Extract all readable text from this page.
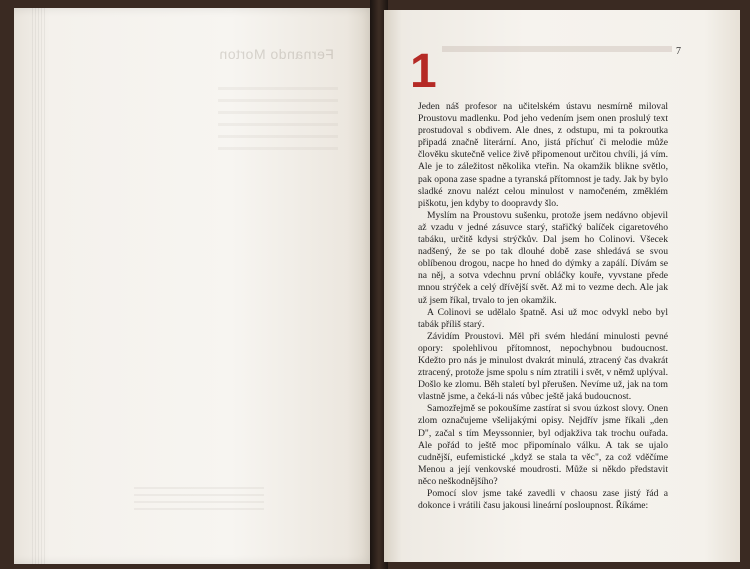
Fernando Morton	7
1

Jeden náš profesor na učitelském ústavu nesmírně miloval Proustovu madlenku. Pod jeho vedením jsem onen proslulý text prostudoval s obdivem. Ale dnes, z odstupu, mi ta pokroutka připadá značně literární. Ano, jistá příchuť či melodie může člověku skutečně velice živě připomenout určitou chvíli, já vím. Ale je to záležitost několika vteřin. Na okamžik blikne světlo, pak opona zase spadne a tyranská přítomnost je tady. Jak by bylo sladké znovu nalézt celou minulost v namočeném, změklém piškotu, jen kdyby to doopravdy šlo.

Myslím na Proustovu sušenku, protože jsem nedávno objevil až vzadu v jedné zásuvce starý, stařičký balíček cigaretového tabáku, určitě kdysi strýčkův. Dal jsem ho Colinovi. Všecek nadšený, že se po tak dlouhé době zase shledává se svou oblíbenou drogou, nacpe ho hned do dýmky a zapálí. Dívám se na něj, a sotva vdechnu první obláčky kouře, vyvstane přede mnou strýček a celý dřívější svět. Až mi to vezme dech. Ale jak už jsem říkal, trvalo to jen okamžik.

A Colinovi se udělalo špatně. Asi už moc odvykl nebo byl tabák příliš starý.

Závidím Proustovi. Měl při svém hledání minulosti pevné opory: spolehlivou přítomnost, nepochybnou budoucnost. Kdežto pro nás je minulost dvakrát minulá, ztracený čas dvakrát ztracený, protože jsme spolu s ním ztratili i svět, v němž uplýval. Došlo ke zlomu. Běh staletí byl přerušen. Nevíme už, jak na tom vlastně jsme, a čeká-li nás vůbec ještě jaká budoucnost.

Samozřejmě se pokoušíme zastírat si svou úzkost slovy. Onen zlom označujeme všelijakými opisy. Nejdřív jsme říkali „den D", začal s tím Meyssonnier, byl odjakživa tak trochu ouřada. Ale pořád to ještě moc připomínalo válku. A tak se ujalo cudnější, eufemistické „když se stala ta věc", za což vděčíme Menou a její venkovské moudrosti. Může si někdo představit něco neškodnějšího?

Pomocí slov jsme také zavedli v chaosu zase jistý řád a dokonce i vrátili času jakousi lineární posloupnost. Říkáme:
